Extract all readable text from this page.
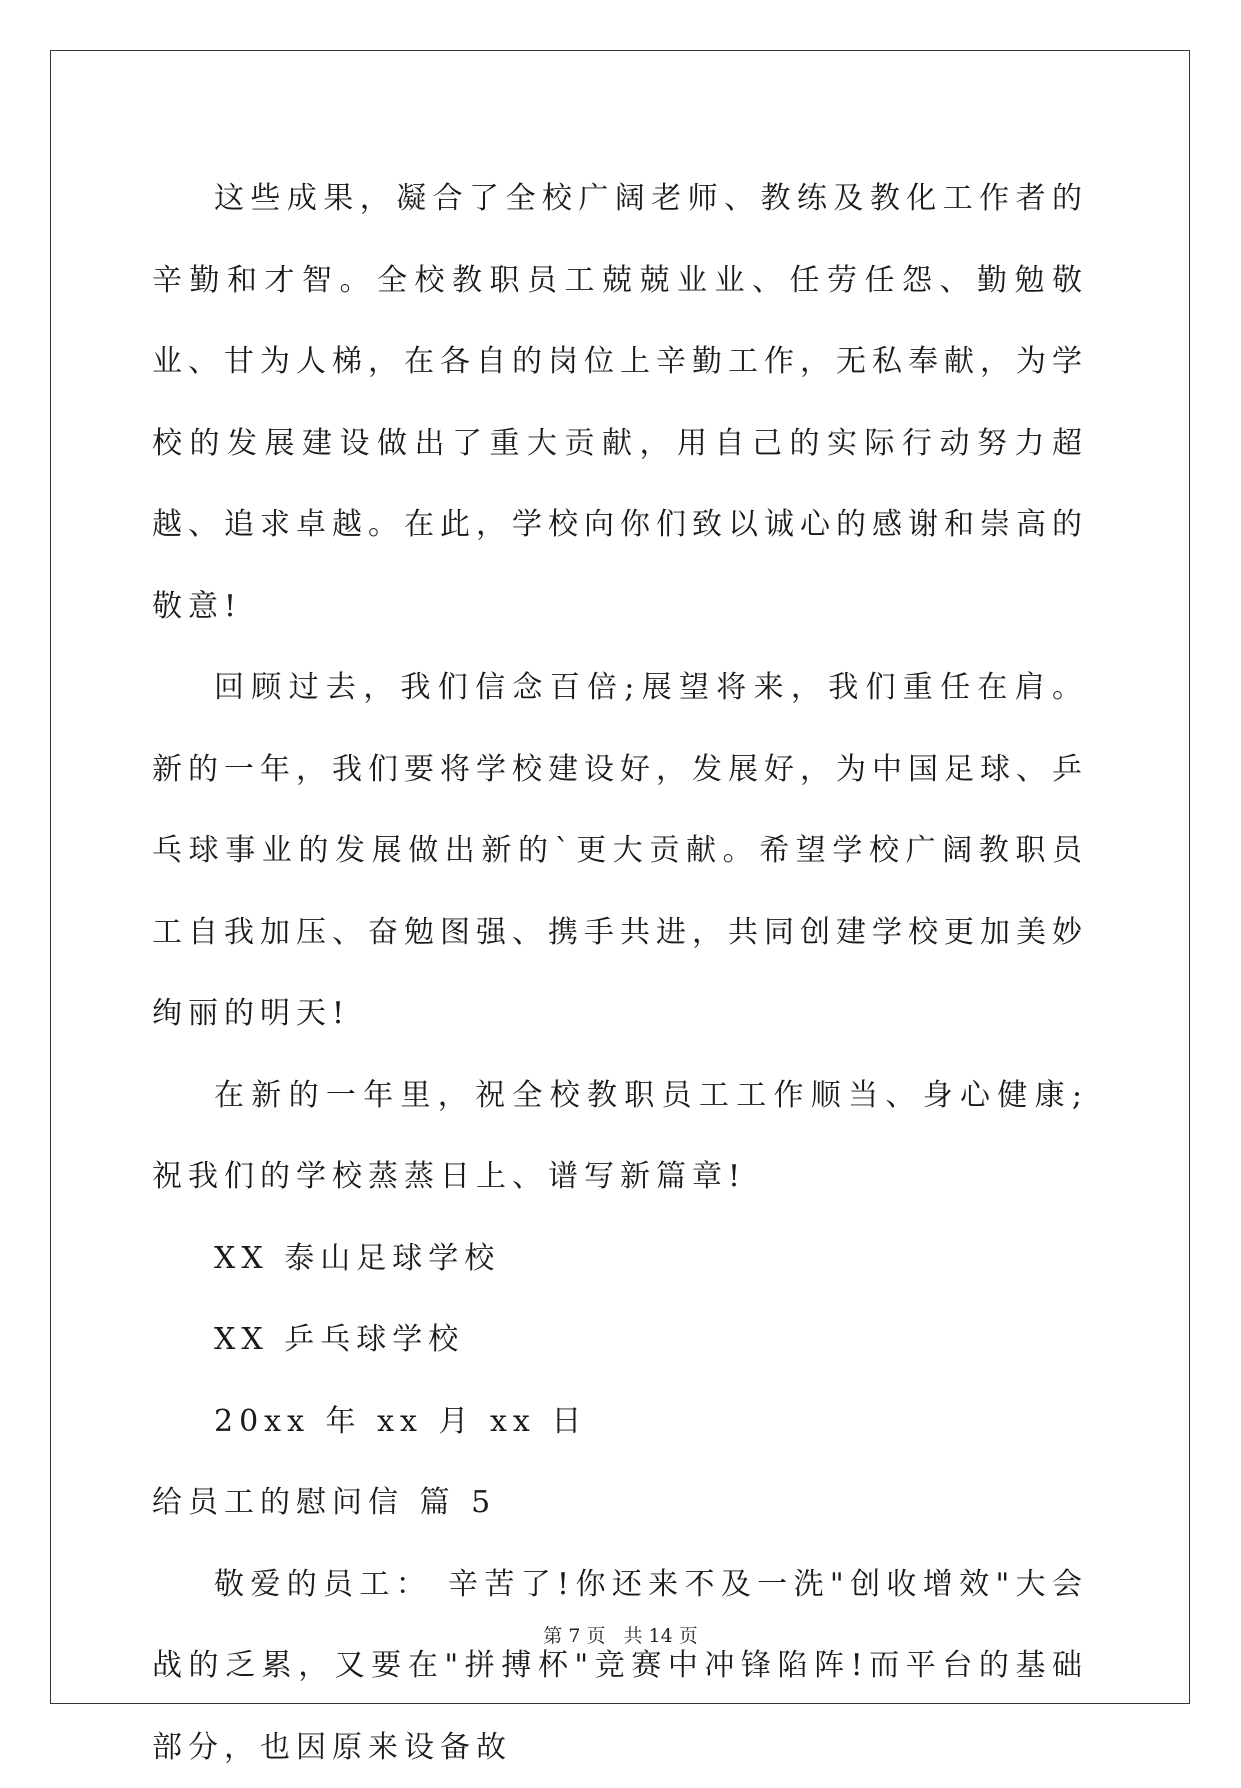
这些成果，凝合了全校广阔老师、教练及教化工作者的辛勤和才智。全校教职员工兢兢业业、任劳任怨、勤勉敬业、甘为人梯，在各自的岗位上辛勤工作，无私奉献，为学校的发展建设做出了重大贡献，用自己的实际行动努力超越、追求卓越。在此，学校向你们致以诚心的感谢和崇高的敬意!

回顾过去，我们信念百倍;展望将来，我们重任在肩。新的一年，我们要将学校建设好，发展好，为中国足球、乒乓球事业的发展做出新的`更大贡献。希望学校广阔教职员工自我加压、奋勉图强、携手共进，共同创建学校更加美妙绚丽的明天!

在新的一年里，祝全校教职员工工作顺当、身心健康;祝我们的学校蒸蒸日上、谱写新篇章!

XX 泰山足球学校

XX 乒乓球学校

20xx 年 xx 月 xx 日

给员工的慰问信 篇 5

敬爱的员工： 辛苦了!你还来不及一洗"创收增效"大会战的乏累，又要在"拼搏杯"竞赛中冲锋陷阵!而平台的基础部分，也因原来设备故

第 7 页 共 14 页
